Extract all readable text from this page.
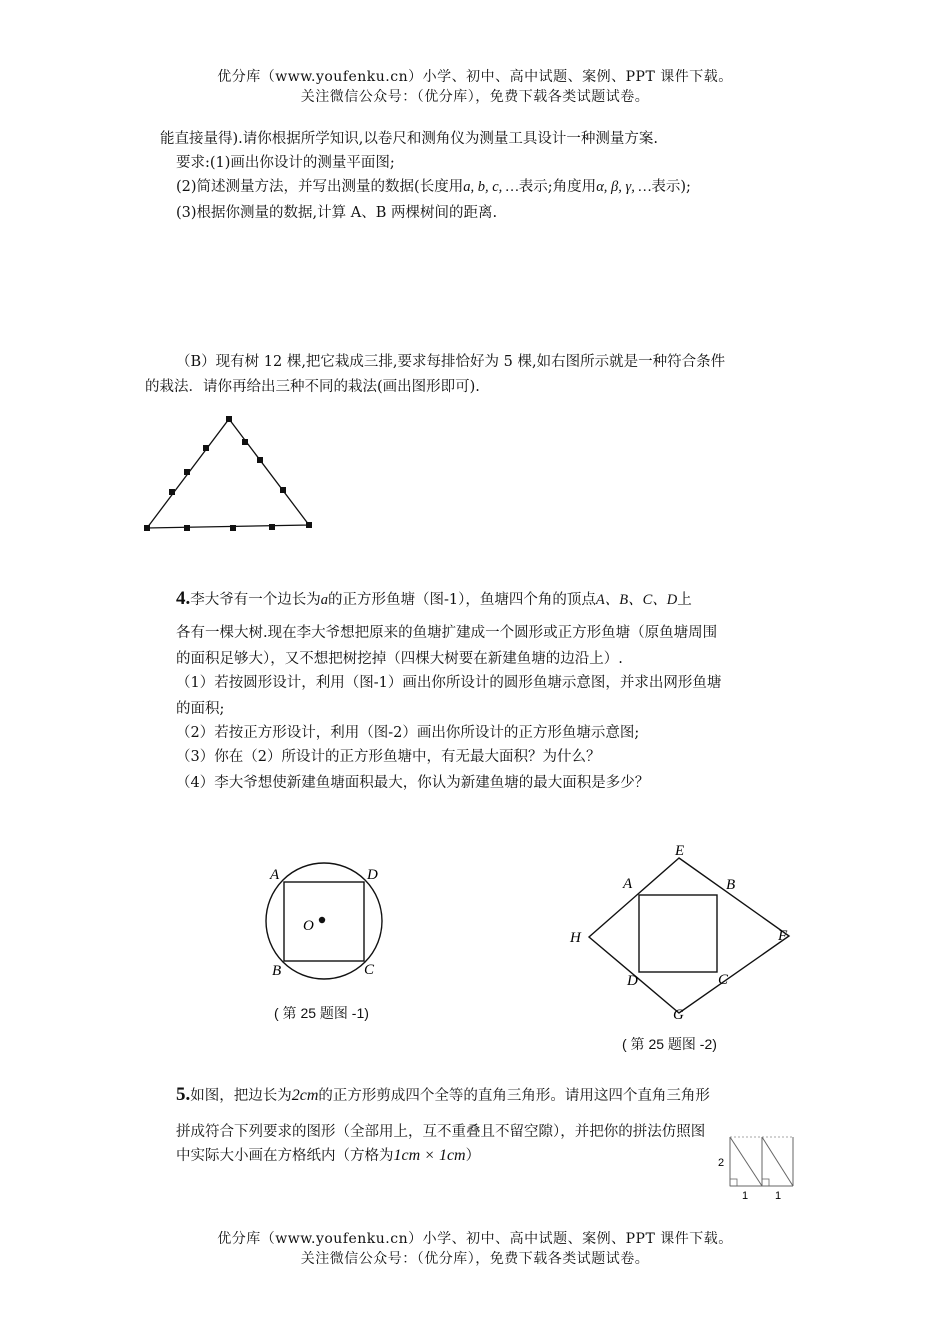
优分库（www.youfenku.cn）小学、初中、高中试题、案例、PPT 课件下载。
关注微信公众号：（优分库），免费下载各类试题试卷。
能直接量得).请你根据所学知识,以卷尺和测角仪为测量工具设计一种测量方案.
要求:(1)画出你设计的测量平面图;
(2)简述测量方法，并写出测量的数据(长度用a, b, c, …表示;角度用α, β, γ, …表示);
(3)根据你测量的数据,计算 A、B 两棵树间的距离.
（B）现有树 12 棵,把它栽成三排,要求每排恰好为 5 棵,如右图所示就是一种符合条件
的栽法．请你再给出三种不同的栽法(画出图形即可).
4.李大爷有一个边长为a的正方形鱼塘（图-1），鱼塘四个角的顶点A、B、C、D上
各有一棵大树.现在李大爷想把原来的鱼塘扩建成一个圆形或正方形鱼塘（原鱼塘周围
的面积足够大），又不想把树挖掉（四棵大树要在新建鱼塘的边沿上）.
（1）若按圆形设计，利用（图-1）画出你所设计的圆形鱼塘示意图，并求出网形鱼塘
的面积;
（2）若按正方形设计，利用（图-2）画出你所设计的正方形鱼塘示意图;
（3）你在（2）所设计的正方形鱼塘中，有无最大面积？为什么？
（4）李大爷想使新建鱼塘面积最大，你认为新建鱼塘的最大面积是多少？
A	D
B	C
O
( 第 25 题图 -1)
E
A	B
H	F
D	C
G
( 第 25 题图 -2)
5.如图，把边长为2cm的正方形剪成四个全等的直角三角形。请用这四个直角三角形
拼成符合下列要求的图形（全部用上，互不重叠且不留空隙），并把你的拼法仿照图
中实际大小画在方格纸内（方格为1cm × 1cm）	2
1 1
优分库（www.youfenku.cn）小学、初中、高中试题、案例、PPT 课件下载。
关注微信公众号：（优分库），免费下载各类试题试卷。
